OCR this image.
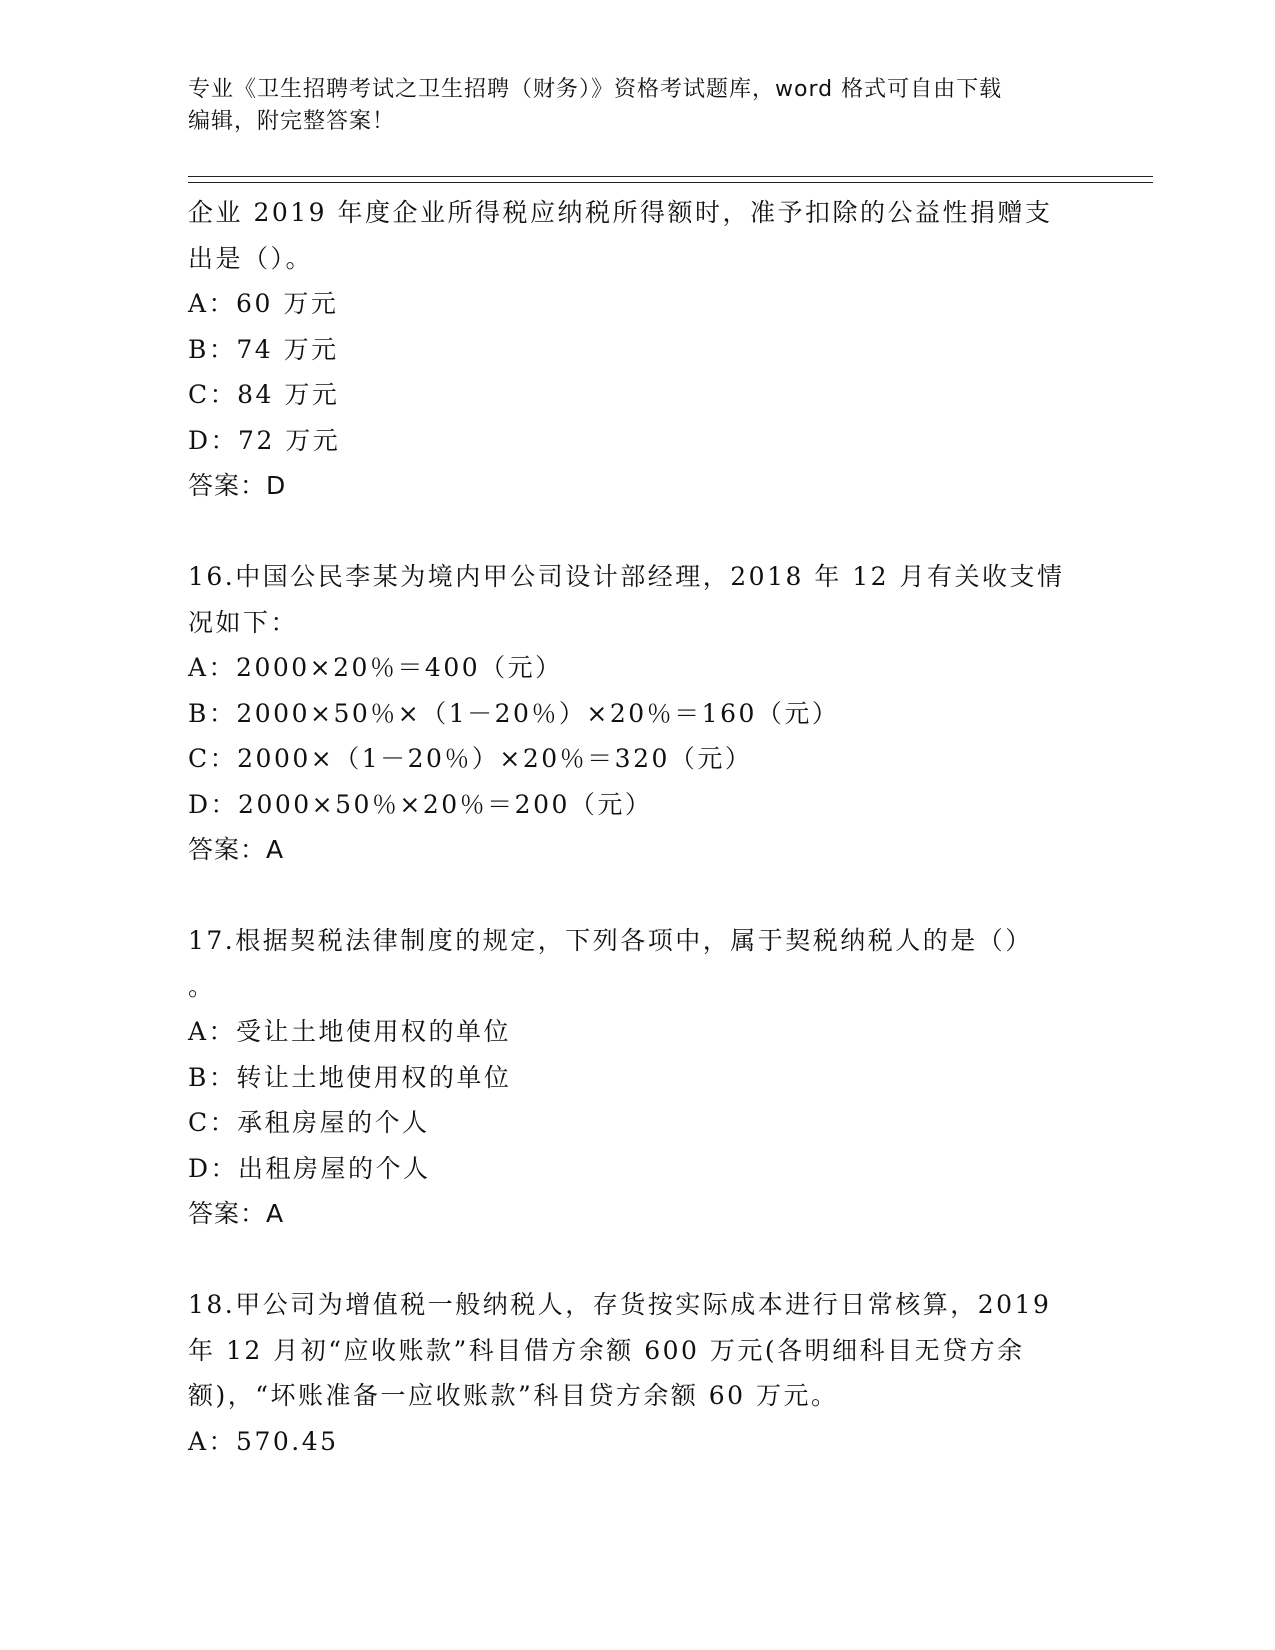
专业《卫生招聘考试之卫生招聘（财务）》资格考试题库，word 格式可自由下载
编辑，附完整答案！
企业 2019 年度企业所得税应纳税所得额时，准予扣除的公益性捐赠支
出是（）。
A：60 万元
B：74 万元
C：84 万元
D：72 万元
答案：D
16.中国公民李某为境内甲公司设计部经理，2018 年 12 月有关收支情
况如下：
A：2000×20％＝400（元）
B：2000×50％×（1－20％）×20％＝160（元）
C：2000×（1－20％）×20％＝320（元）
D：2000×50％×20％＝200（元）
答案：A
17.根据契税法律制度的规定，下列各项中，属于契税纳税人的是（）
。
A：受让土地使用权的单位
B：转让土地使用权的单位
C：承租房屋的个人
D：出租房屋的个人
答案：A
18.甲公司为增值税一般纳税人，存货按实际成本进行日常核算，2019
年 12 月初“应收账款”科目借方余额 600 万元(各明细科目无贷方余
额)，“坏账准备一应收账款”科目贷方余额 60 万元。
A：570.45
